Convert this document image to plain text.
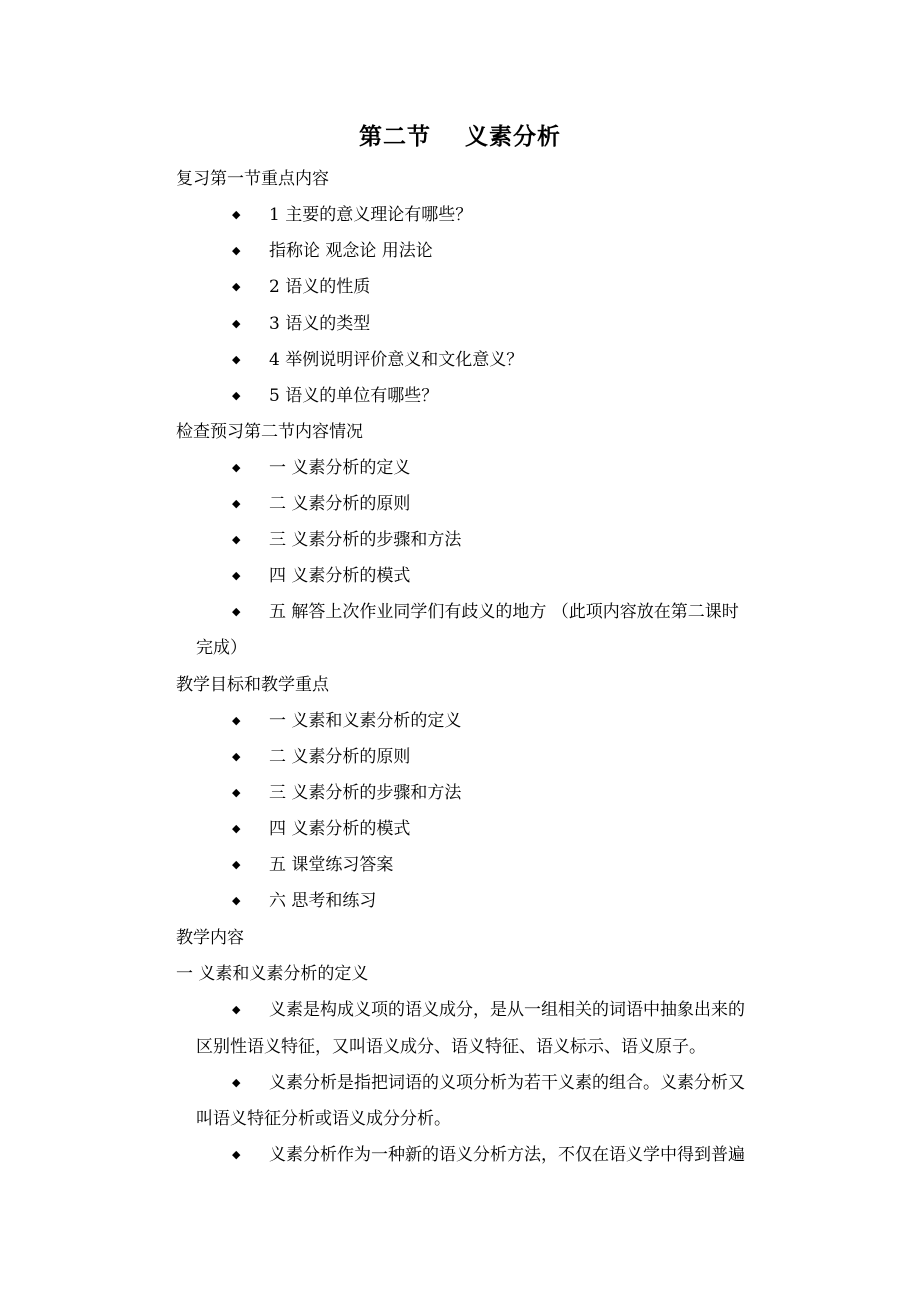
第二节 义素分析
复习第一节重点内容
◆ 1 主要的意义理论有哪些？
◆ 指称论 观念论 用法论
◆ 2 语义的性质
◆ 3 语义的类型
◆ 4 举例说明评价意义和文化意义？
◆ 5 语义的单位有哪些？
检查预习第二节内容情况
◆ 一 义素分析的定义
◆ 二 义素分析的原则
◆ 三 义素分析的步骤和方法
◆ 四 义素分析的模式
◆ 五 解答上次作业同学们有歧义的地方 （此项内容放在第二课时
完成）
教学目标和教学重点
◆ 一 义素和义素分析的定义
◆ 二 义素分析的原则
◆ 三 义素分析的步骤和方法
◆ 四 义素分析的模式
◆ 五 课堂练习答案
◆ 六 思考和练习
教学内容
一 义素和义素分析的定义
◆ 义素是构成义项的语义成分，是从一组相关的词语中抽象出来的
区别性语义特征，又叫语义成分、语义特征、语义标示、语义原子。
◆ 义素分析是指把词语的义项分析为若干义素的组合。义素分析又
叫语义特征分析或语义成分分析。
◆ 义素分析作为一种新的语义分析方法，不仅在语义学中得到普遍
